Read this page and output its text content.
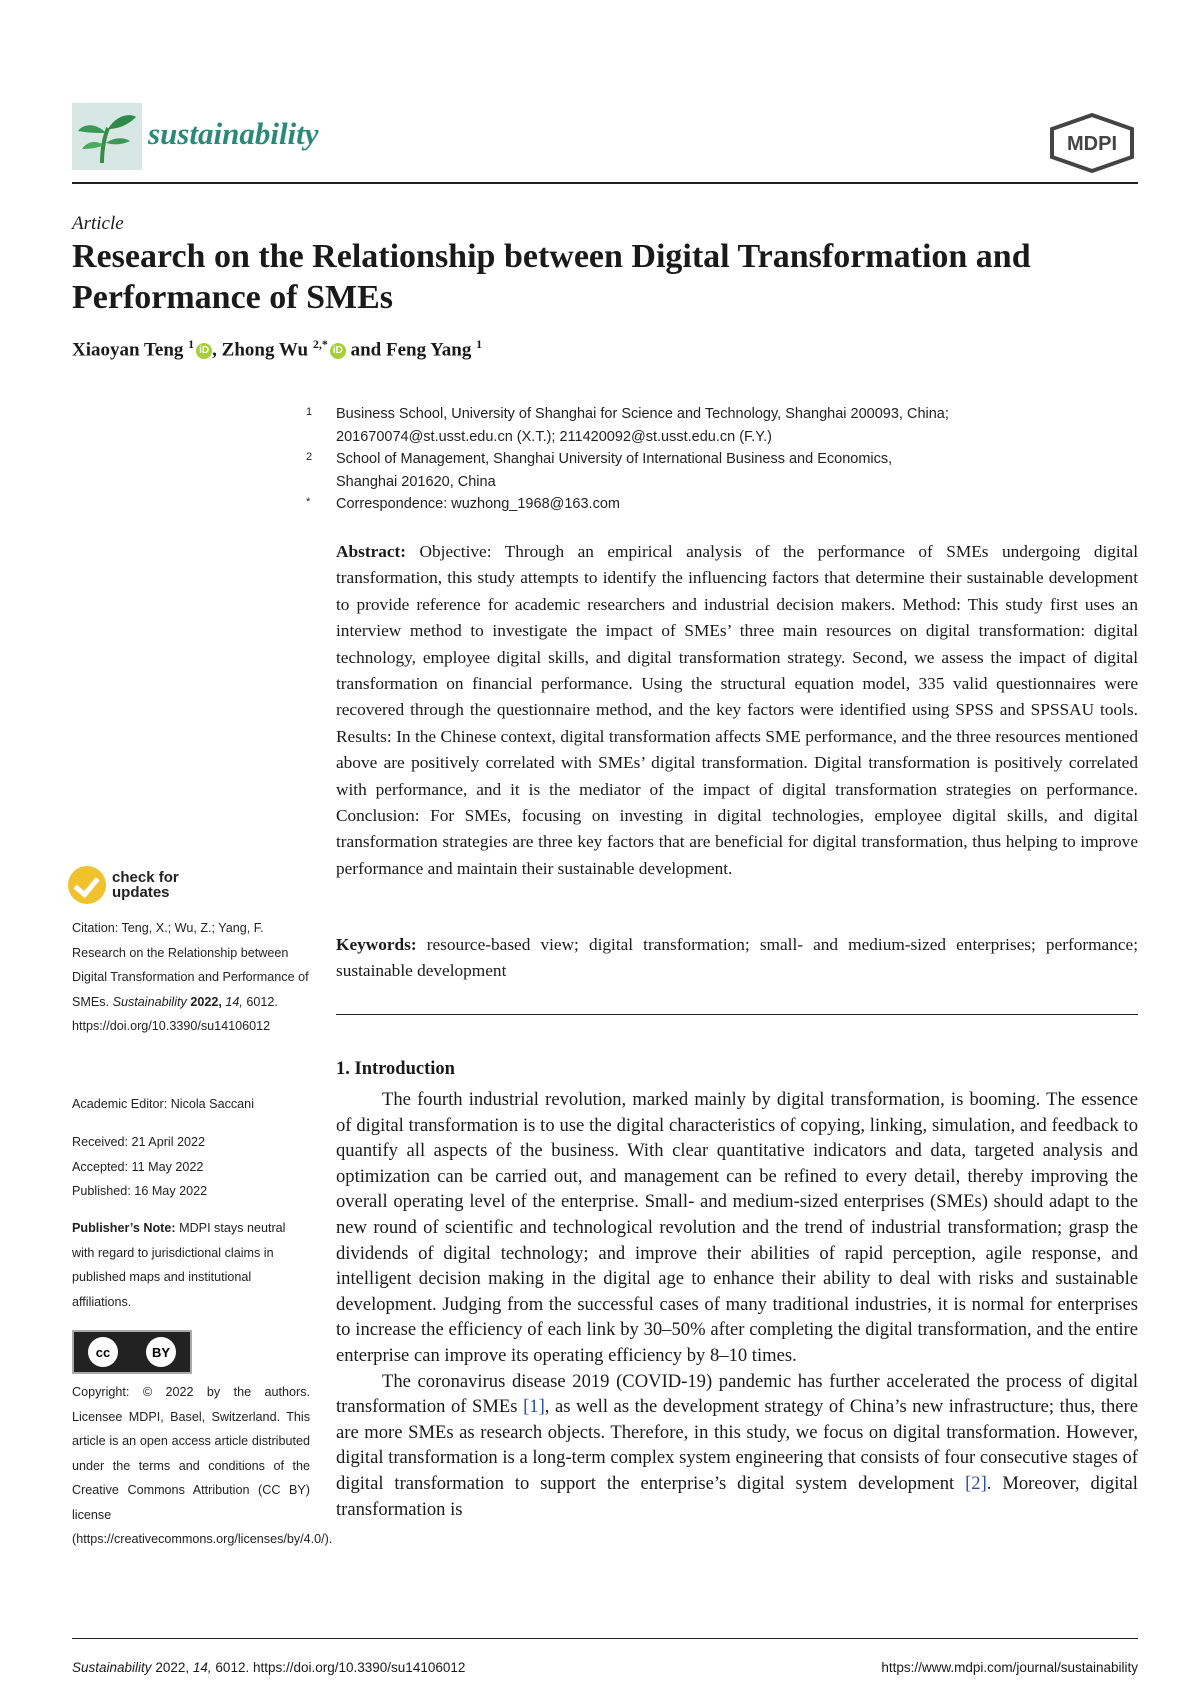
sustainability	MDPI
Article
Research on the Relationship between Digital Transformation and Performance of SMEs
Xiaoyan Teng $^1$ iD , Zhong Wu $^{2,*}$ iD and Feng Yang $^1$
1 Business School, University of Shanghai for Science and Technology, Shanghai 200093, China;
201670074@st.usst.edu.cn (X.T.); 211420092@st.usst.edu.cn (F.Y.)
2 School of Management, Shanghai University of International Business and Economics,
Shanghai 201620, China
* Correspondence: wuzhong_1968@163.com
Abstract: Objective: Through an empirical analysis of the performance of SMEs undergoing digital transformation, this study attempts to identify the influencing factors that determine their sustainable development to provide reference for academic researchers and industrial decision makers. Method: This study first uses an interview method to investigate the impact of SMEs’ three main resources on digital transformation: digital technology, employee digital skills, and digital transformation strategy. Second, we assess the impact of digital transformation on financial performance. Using the structural equation model, 335 valid questionnaires were recovered through the questionnaire method, and the key factors were identified using SPSS and SPSSAU tools. Results: In the Chinese context, digital transformation affects SME performance, and the three resources mentioned above are positively correlated with SMEs’ digital transformation. Digital transformation is positively correlated with performance, and it is the mediator of the impact of digital transformation strategies on performance. Conclusion: For SMEs, focusing on investing in digital technologies, employee digital skills, and digital transformation strategies are three key factors that are beneficial for digital transformation, thus helping to improve performance and maintain their sustainable development.
Keywords: resource-based view; digital transformation; small- and medium-sized enterprises; performance; sustainable development
1. Introduction

The fourth industrial revolution, marked mainly by digital transformation, is booming. The essence of digital transformation is to use the digital characteristics of copying, linking, simulation, and feedback to quantify all aspects of the business. With clear quantitative indicators and data, targeted analysis and optimization can be carried out, and management can be refined to every detail, thereby improving the overall operating level of the enterprise. Small- and medium-sized enterprises (SMEs) should adapt to the new round of scientific and technological revolution and the trend of industrial transformation; grasp the dividends of digital technology; and improve their abilities of rapid perception, agile response, and intelligent decision making in the digital age to enhance their ability to deal with risks and sustainable development. Judging from the successful cases of many traditional industries, it is normal for enterprises to increase the efficiency of each link by 30–50% after completing the digital transformation, and the entire enterprise can improve its operating efficiency by 8–10 times.

The coronavirus disease 2019 (COVID-19) pandemic has further accelerated the process of digital transformation of SMEs [1], as well as the development strategy of China’s new infrastructure; thus, there are more SMEs as research objects. Therefore, in this study, we focus on digital transformation. However, digital transformation is a long-term complex system engineering that consists of four consecutive stages of digital transformation to support the enterprise’s digital system development [2]. Moreover, digital transformation is

check for
updates
Citation: Teng, X.; Wu, Z.; Yang, F. Research on the Relationship between Digital Transformation and Performance of SMEs. Sustainability 2022, 14, 6012. https://doi.org/10.3390/su14106012
Academic Editor: Nicola Saccani
Received: 21 April 2022
Accepted: 11 May 2022
Published: 16 May 2022
Publisher’s Note: MDPI stays neutral with regard to jurisdictional claims in published maps and institutional affiliations.
cc	BY
Copyright: © 2022 by the authors. Licensee MDPI, Basel, Switzerland. This article is an open access article distributed under the terms and conditions of the Creative Commons Attribution (CC BY) license (https://creativecommons.org/licenses/by/4.0/).
Sustainability 2022, 14, 6012. https://doi.org/10.3390/su14106012	https://www.mdpi.com/journal/sustainability
